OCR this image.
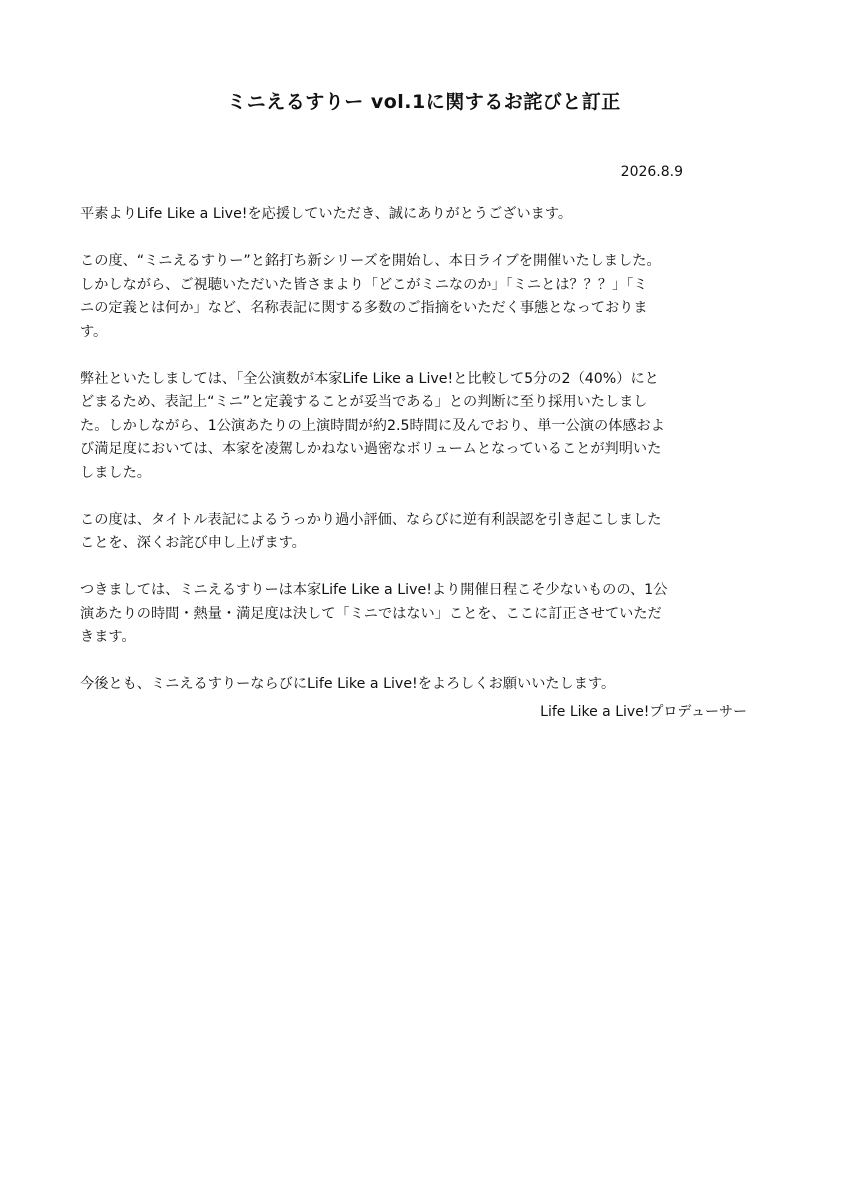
ミニえるすりー vol.1に関するお詫びと訂正
2026.8.9

平素よりLife Like a Live!を応援していただき、誠にありがとうございます。

この度、“ミニえるすりー”と銘打ち新シリーズを開始し、本日ライブを開催いたしました。
しかしながら、ご視聴いただいた皆さまより「どこがミニなのか」「ミニとは？？？」「ミ
ニの定義とは何か」など、名称表記に関する多数のご指摘をいただく事態となっておりま
す。

弊社といたしましては、「全公演数が本家Life Like a Live!と比較して5分の2（40%）にと
どまるため、表記上“ミニ”と定義することが妥当である」との判断に至り採用いたしまし
た。しかしながら、1公演あたりの上演時間が約2.5時間に及んでおり、単一公演の体感およ
び満足度においては、本家を凌駕しかねない過密なボリュームとなっていることが判明いた
しました。

この度は、タイトル表記によるうっかり過小評価、ならびに逆有利誤認を引き起こしました
ことを、深くお詫び申し上げます。

つきましては、ミニえるすりーは本家Life Like a Live!より開催日程こそ少ないものの、1公
演あたりの時間・熱量・満足度は決して「ミニではない」ことを、ここに訂正させていただ
きます。

今後とも、ミニえるすりーならびにLife Like a Live!をよろしくお願いいたします。

Life Like a Live!プロデューサー
